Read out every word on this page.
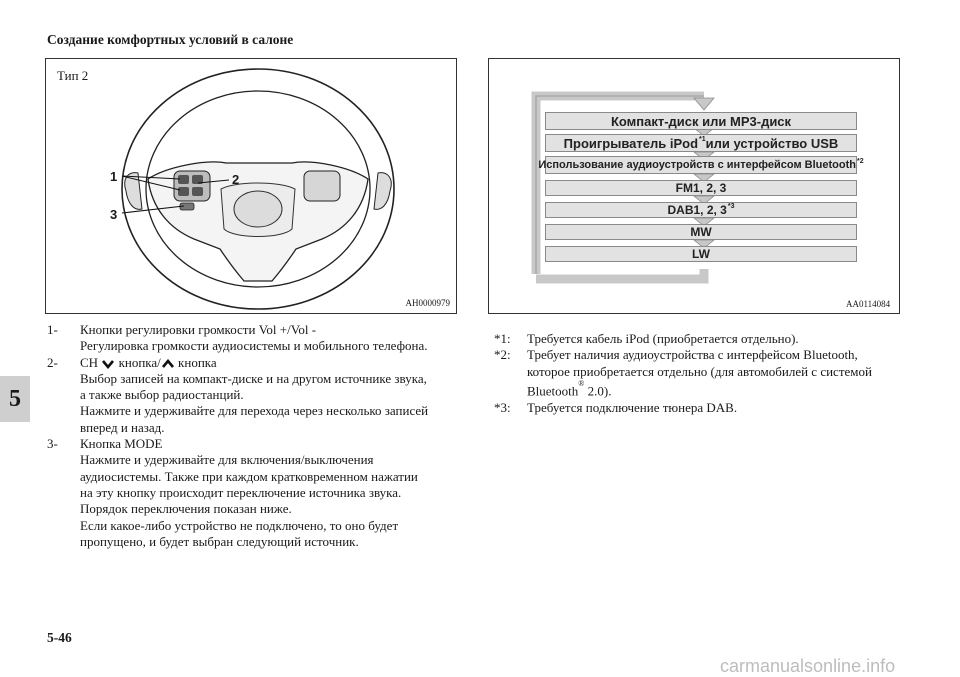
Создание комфортных условий в салоне
5
Тип 2
1	2
3
AH0000979
Компакт-диск или MP3-диск
Проигрыватель iPod$^{*1}$ или устройство USB
Использование аудиоустройств с интерфейсом Bluetooth$^{*2}$
FM1, 2, 3
DAB1, 2, 3$^{*3}$
MW
LW
AA0114084
1- Кнопки регулировки громкости Vol +/Vol -
Регулировка громкости аудиосистемы и мобильного телефона.
2- CH кнопка/ кнопка
Выбор записей на компакт-диске и на другом источнике звука,
а также выбор радиостанций.
Нажмите и удерживайте для перехода через несколько записей
вперед и назад.
3- Кнопка MODE
Нажмите и удерживайте для включения/выключения
аудиосистемы. Также при каждом кратковременном нажатии
на эту кнопку происходит переключение источника звука.
Порядок переключения показан ниже.
Если какое-либо устройство не подключено, то оно будет
пропущено, и будет выбран следующий источник.
*1: Требуется кабель iPod (приобретается отдельно).
*2: Требует наличия аудиоустройства с интерфейсом Bluetooth,
которое приобретается отдельно (для автомобилей с системой
Bluetooth® 2.0).
*3: Требуется подключение тюнера DAB.
5-46
carmanualsonline.info
